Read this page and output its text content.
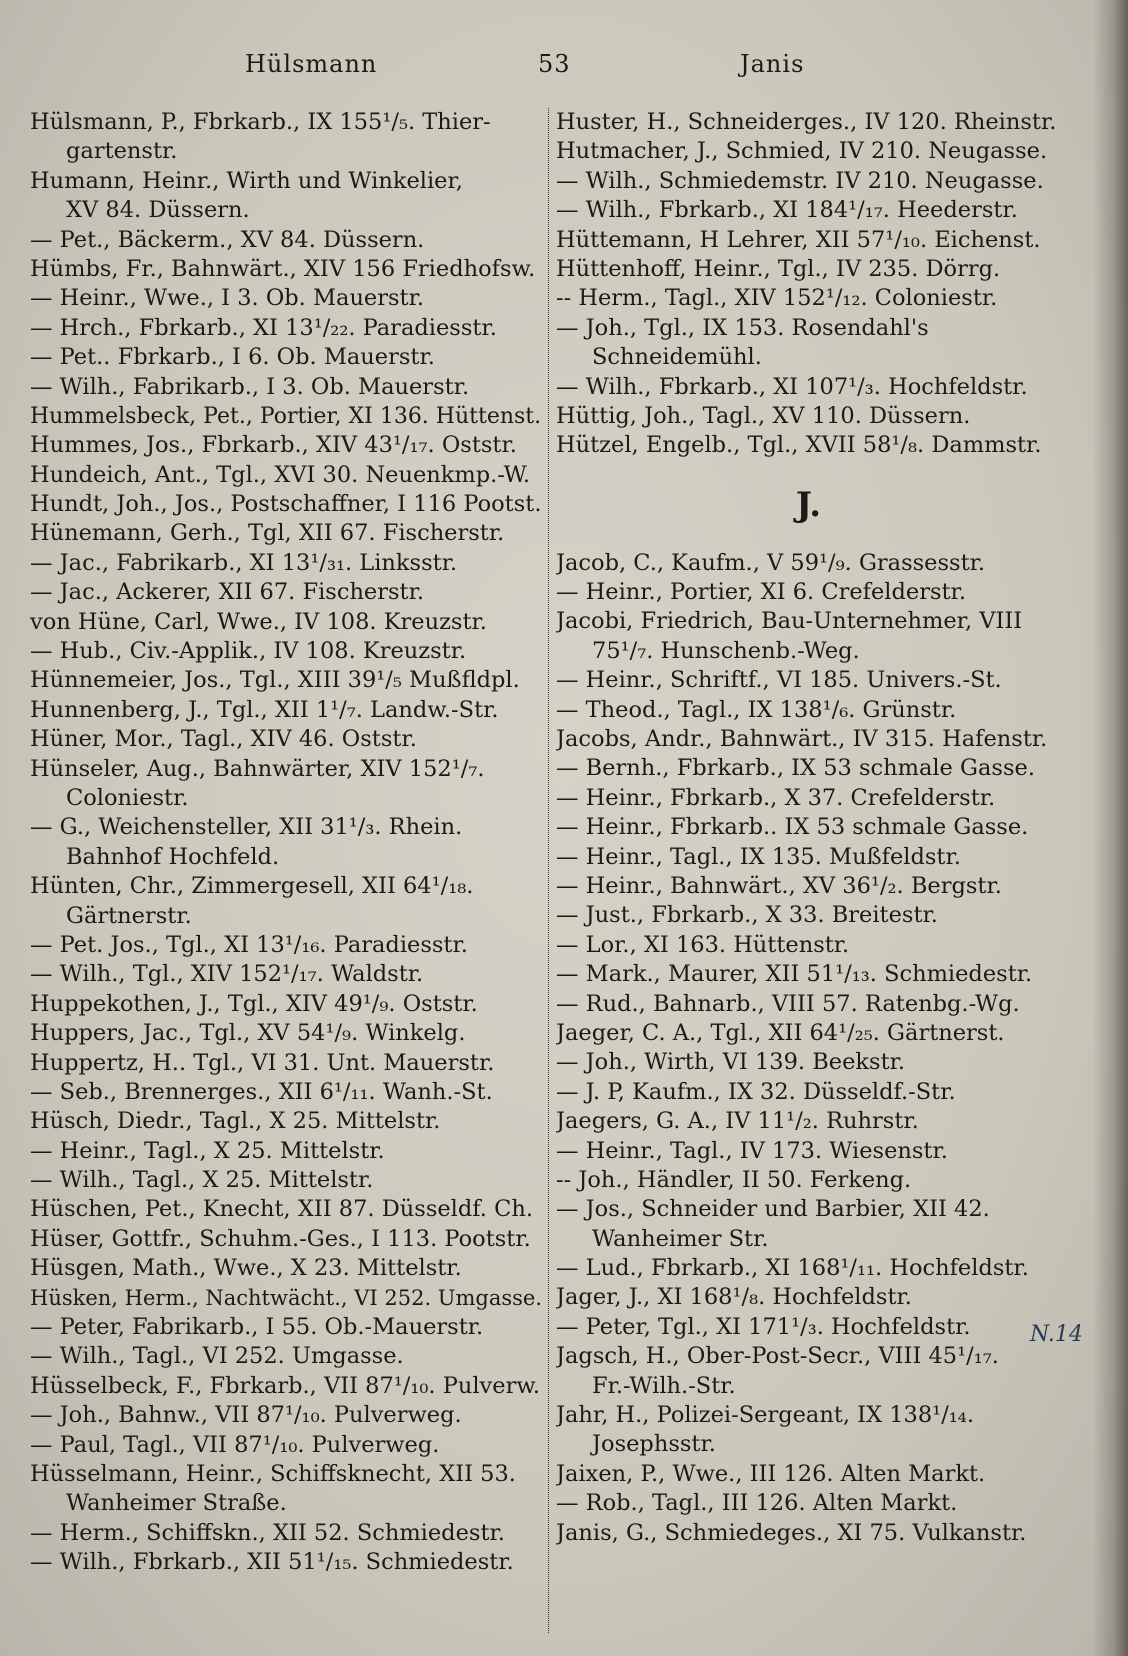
Hülsmann	53	Janis
Hülsmann, P., Fbrkarb., IX 155¹/₅. Thier-
gartenstr.
Humann, Heinr., Wirth und Winkelier,
XV 84. Düssern.
— Pet., Bäckerm., XV 84. Düssern.
Hümbs, Fr., Bahnwärt., XIV 156 Friedhofsw.
— Heinr., Wwe., I 3. Ob. Mauerstr.
— Hrch., Fbrkarb., XI 13¹/₂₂. Paradiesstr.
— Pet.. Fbrkarb., I 6. Ob. Mauerstr.
— Wilh., Fabrikarb., I 3. Ob. Mauerstr.
Hummelsbeck, Pet., Portier, XI 136. Hüttenst.
Hummes, Jos., Fbrkarb., XIV 43¹/₁₇. Oststr.
Hundeich, Ant., Tgl., XVI 30. Neuenkmp.-W.
Hundt, Joh., Jos., Postschaffner, I 116 Pootst.
Hünemann, Gerh., Tgl, XII 67. Fischerstr.
— Jac., Fabrikarb., XI 13¹/₃₁. Linksstr.
— Jac., Ackerer, XII 67. Fischerstr.
von Hüne, Carl, Wwe., IV 108. Kreuzstr.
— Hub., Civ.-Applik., IV 108. Kreuzstr.
Hünnemeier, Jos., Tgl., XIII 39¹/₅ Mußfldpl.
Hunnenberg, J., Tgl., XII 1¹/₇. Landw.-Str.
Hüner, Mor., Tagl., XIV 46. Oststr.
Hünseler, Aug., Bahnwärter, XIV 152¹/₇.
Coloniestr.
— G., Weichensteller, XII 31¹/₃. Rhein.
Bahnhof Hochfeld.
Hünten, Chr., Zimmergesell, XII 64¹/₁₈.
Gärtnerstr.
— Pet. Jos., Tgl., XI 13¹/₁₆. Paradiesstr.
— Wilh., Tgl., XIV 152¹/₁₇. Waldstr.
Huppekothen, J., Tgl., XIV 49¹/₉. Oststr.
Huppers, Jac., Tgl., XV 54¹/₉. Winkelg.
Huppertz, H.. Tgl., VI 31. Unt. Mauerstr.
— Seb., Brennerges., XII 6¹/₁₁. Wanh.-St.
Hüsch, Diedr., Tagl., X 25. Mittelstr.
— Heinr., Tagl., X 25. Mittelstr.
— Wilh., Tagl., X 25. Mittelstr.
Hüschen, Pet., Knecht, XII 87. Düsseldf. Ch.
Hüser, Gottfr., Schuhm.-Ges., I 113. Pootstr.
Hüsgen, Math., Wwe., X 23. Mittelstr.
Hüsken, Herm., Nachtwächt., VI 252. Umgasse.
— Peter, Fabrikarb., I 55. Ob.-Mauerstr.
— Wilh., Tagl., VI 252. Umgasse.
Hüsselbeck, F., Fbrkarb., VII 87¹/₁₀. Pulverw.
— Joh., Bahnw., VII 87¹/₁₀. Pulverweg.
— Paul, Tagl., VII 87¹/₁₀. Pulverweg.
Hüsselmann, Heinr., Schiffsknecht, XII 53.
Wanheimer Straße.
— Herm., Schiffskn., XII 52. Schmiedestr.
— Wilh., Fbrkarb., XII 51¹/₁₅. Schmiedestr.
Huster, H., Schneiderges., IV 120. Rheinstr.
Hutmacher, J., Schmied, IV 210. Neugasse.
— Wilh., Schmiedemstr. IV 210. Neugasse.
— Wilh., Fbrkarb., XI 184¹/₁₇. Heederstr.
Hüttemann, H Lehrer, XII 57¹/₁₀. Eichenst.
Hüttenhoff, Heinr., Tgl., IV 235. Dörrg.
-- Herm., Tagl., XIV 152¹/₁₂. Coloniestr.
— Joh., Tgl., IX 153. Rosendahl's
Schneidemühl.
— Wilh., Fbrkarb., XI 107¹/₃. Hochfeldstr.
Hüttig, Joh., Tagl., XV 110. Düssern.
Hützel, Engelb., Tgl., XVII 58¹/₈. Dammstr.
J.
Jacob, C., Kaufm., V 59¹/₉. Grassesstr.
— Heinr., Portier, XI 6. Crefelderstr.
Jacobi, Friedrich, Bau-Unternehmer, VIII
75¹/₇. Hunschenb.-Weg.
— Heinr., Schriftf., VI 185. Univers.-St.
— Theod., Tagl., IX 138¹/₆. Grünstr.
Jacobs, Andr., Bahnwärt., IV 315. Hafenstr.
— Bernh., Fbrkarb., IX 53 schmale Gasse.
— Heinr., Fbrkarb., X 37. Crefelderstr.
— Heinr., Fbrkarb.. IX 53 schmale Gasse.
— Heinr., Tagl., IX 135. Mußfeldstr.
— Heinr., Bahnwärt., XV 36¹/₂. Bergstr.
— Just., Fbrkarb., X 33. Breitestr.
— Lor., XI 163. Hüttenstr.
— Mark., Maurer, XII 51¹/₁₃. Schmiedestr.
— Rud., Bahnarb., VIII 57. Ratenbg.-Wg.
Jaeger, C. A., Tgl., XII 64¹/₂₅. Gärtnerst.
— Joh., Wirth, VI 139. Beekstr.
— J. P, Kaufm., IX 32. Düsseldf.-Str.
Jaegers, G. A., IV 11¹/₂. Ruhrstr.
— Heinr., Tagl., IV 173. Wiesenstr.
-- Joh., Händler, II 50. Ferkeng.
— Jos., Schneider und Barbier, XII 42.
Wanheimer Str.
— Lud., Fbrkarb., XI 168¹/₁₁. Hochfeldstr.
Jager, J., XI 168¹/₈. Hochfeldstr.
— Peter, Tgl., XI 171¹/₃. Hochfeldstr.
Jagsch, H., Ober-Post-Secr., VIII 45¹/₁₇.
Fr.-Wilh.-Str.
Jahr, H., Polizei-Sergeant, IX 138¹/₁₄.
Josephsstr.
Jaixen, P., Wwe., III 126. Alten Markt.
— Rob., Tagl., III 126. Alten Markt.
Janis, G., Schmiedeges., XI 75. Vulkanstr.
N.14
